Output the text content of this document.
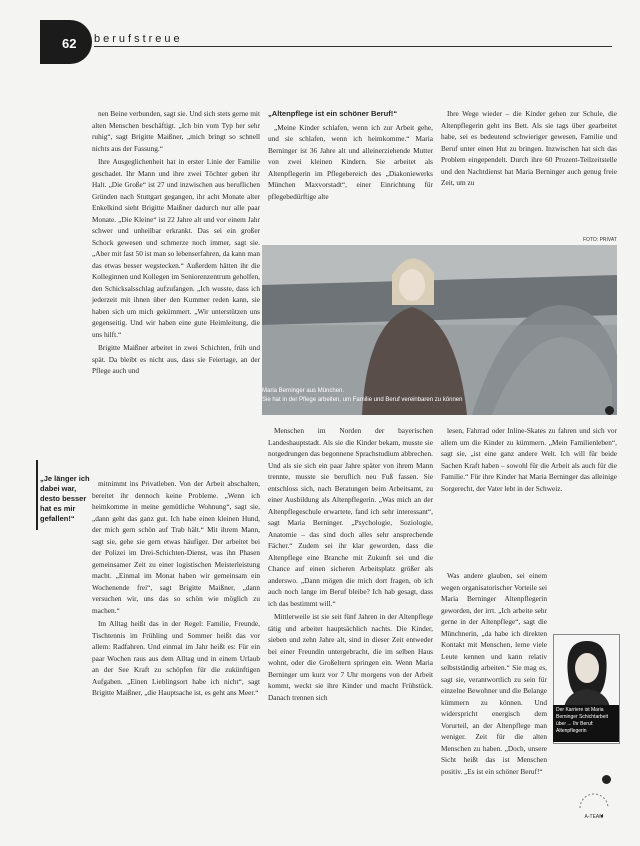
62 berufstreue

nen Beine verbunden, sagt sie. Und sich stets gerne mit alten Menschen beschäftigt. „Ich bin vom Typ her sehr ruhig“, sagt Brigitte Maißner, „mich bringt so schnell nichts aus der Fassung.“

Ihre Ausgeglichenheit hat in erster Linie der Familie geschadet. Ihr Mann und ihre zwei Töchter geben ihr Halt. „Die Große“ ist 27 und inzwischen aus beruflichen Gründen nach Stuttgart gegangen, ihr acht Monate alter Enkelkind sieht Brigitte Maißner dadurch nur alle paar Monate. „Die Kleine“ ist 22 Jahre alt und vor einem Jahr schwer und unheilbar erkrankt. Das sei ein großer Schock gewesen und schmerze noch immer, sagt sie. „Aber mit fast 50 ist man so lebenserfahren, da kann man das etwas besser wegstecken.“ Außerdem hätten ihr die Kolleginnen und Kollegen im Seniorenzentrum geholfen, den Schicksalsschlag aufzufangen. „Ich wusste, dass ich jederzeit mit ihnen über den Kummer reden kann, sie haben sich um mich gekümmert. „Wir unterstützen uns gegenseitig. Und wir haben eine gute Heimleitung, die uns hilft.“

Brigitte Maißner arbeitet in zwei Schichten, früh und spät. Da bleibt es nicht aus, dass sie Feiertage, an der Pflege auch und

„Je länger ich dabei war, desto besser hat es mir gefallen!“

mitnimmt ins Privatleben. Von der Arbeit abschalten, bereitet ihr dennoch keine Probleme. „Wenn ich heimkomme in meine gemütliche Wohnung“, sagt sie, „dann geht das ganz gut. Ich habe einen kleinen Hund, der mich gern schön auf Trab hält.“ Mit ihrem Mann, sagt sie, gehe sie gern etwas häufiger. Der arbeitet bei der Polizei im Drei-Schichten-Dienst, was ihn Phasen gemeinsamer Zeit zu einer logistischen Meisterleistung macht. „Einmal im Monat haben wir gemeinsam ein Wochenende frei“, sagt Brigitte Maißner, „dann versuchen wir, uns das so schön wie möglich zu machen.“

Im Alltag heißt das in der Regel: Familie, Freunde, Tischtennis im Frühling und Sommer heißt das vor allem: Radfahren. Und einmal im Jahr heißt es: Für ein paar Wochen raus aus dem Alltag und in einem Urlaub an der See Kraft zu schöpfen für die zukünftigen Aufgaben. „Einen Lieblingsort habe ich nicht“, sagt Brigitte Maißner, „die Hauptsache ist, es geht ans Meer.“

„Altenpflege ist ein schöner Beruf!“

„Meine Kinder schlafen, wenn ich zur Arbeit gehe, und sie schlafen, wenn ich heimkomme.“ Maria Berninger ist 36 Jahre alt und alleinerziehende Mutter von zwei kleinen Kindern. Sie arbeitet als Altenpflegerin im Pflegebereich des „Diakoniewerks München Maxvorstadt“, einer Einrichtung für pflegebedürftige alte

Ihre Wege wieder – die Kinder gehen zur Schule, die Altenpflegerin geht ins Bett. Als sie tags über gearbeitet habe, sei es bedeutend schwieriger gewesen, Familie und Beruf unter einen Hut zu bringen. Inzwischen hat sich das Problem eingependelt. Durch ihre 60 Prozent-Teilzeitstelle und den Nachtdienst hat Maria Berninger auch genug freie Zeit, um zu

FOTO: PRIVAT
Maria Berninger aus München.
Sie hat in der Pflege arbeiten, um Familie und Beruf vereinbaren zu können

Menschen im Norden der bayerischen Landeshauptstadt. Als sie die Kinder bekam, musste sie notgedrungen das begonnene Sprachstudium abbrechen. Und als sie sich ein paar Jahre später von ihrem Mann trennte, musste sie beruflich neu Fuß fassen. Sie entschloss sich, nach Beratungen beim Arbeitsamt, zu einer Ausbildung als Altenpflegerin. „Was mich an der Altenpflegeschule erwartete, fand ich sehr interessant“, sagt Maria Berninger. „Psychologie, Soziologie, Anatomie – das sind doch alles sehr ansprechende Fächer.“ Zudem sei ihr klar geworden, dass die Altenpflege eine Branche mit Zukunft sei und die Chance auf einen sicheren Arbeitsplatz größer als anderswo. „Dann mögen die mich dort fragen, ob ich auch noch lange im Beruf bleibe? Ich hab gesagt, dass ich das bestimmt will.“

Mittlerweile ist sie seit fünf Jahren in der Altenpflege tätig und arbeitet hauptsächlich nachts. Die Kinder, sieben und zehn Jahre alt, sind in dieser Zeit entweder bei einer Freundin untergebracht, die im selben Haus wohnt, oder die Großeltern springen ein. Wenn Maria Berninger um kurz vor 7 Uhr morgens von der Arbeit kommt, weckt sie ihre Kinder und macht Frühstück. Danach trennen sich

lesen, Fahrrad oder Inline-Skates zu fahren und sich vor allem um die Kinder zu kümmern. „Mein Familienleben“, sagt sie, „ist eine ganz andere Welt. Ich will für beide Sachen Kraft haben – sowohl für die Arbeit als auch für die Familie.“ Für ihre Kinder hat Maria Berninger das alleinige Sorgerecht, der Vater lebt in der Schweiz.

Was andere glauben, sei einem wegen organisatorischer Vorteile sei Maria Berninger Altenpflegerin geworden, der irrt. „Ich arbeite sehr gerne in der Altenpflege“, sagt die Münchnerin, „da habe ich direkten Kontakt mit Menschen, lerne viele Leute kennen und kann relativ selbstständig arbeiten.“ Sie mag es, sagt sie, verantwortlich zu sein für einzelne Bewohner und die Belange kümmern zu können. Und widerspricht energisch dem Vorurteil, an der Altenpflege man weniger. Zeit für die alten Menschen zu haben. „Doch, unsere Sicht heißt das ist Menschen positiv. „Es ist ein schöner Beruf!“

Der Karriere ist Maria Berninger Schichtarbeit über ... Ihr Beruf: Altenpflegerin
A-TEAM
